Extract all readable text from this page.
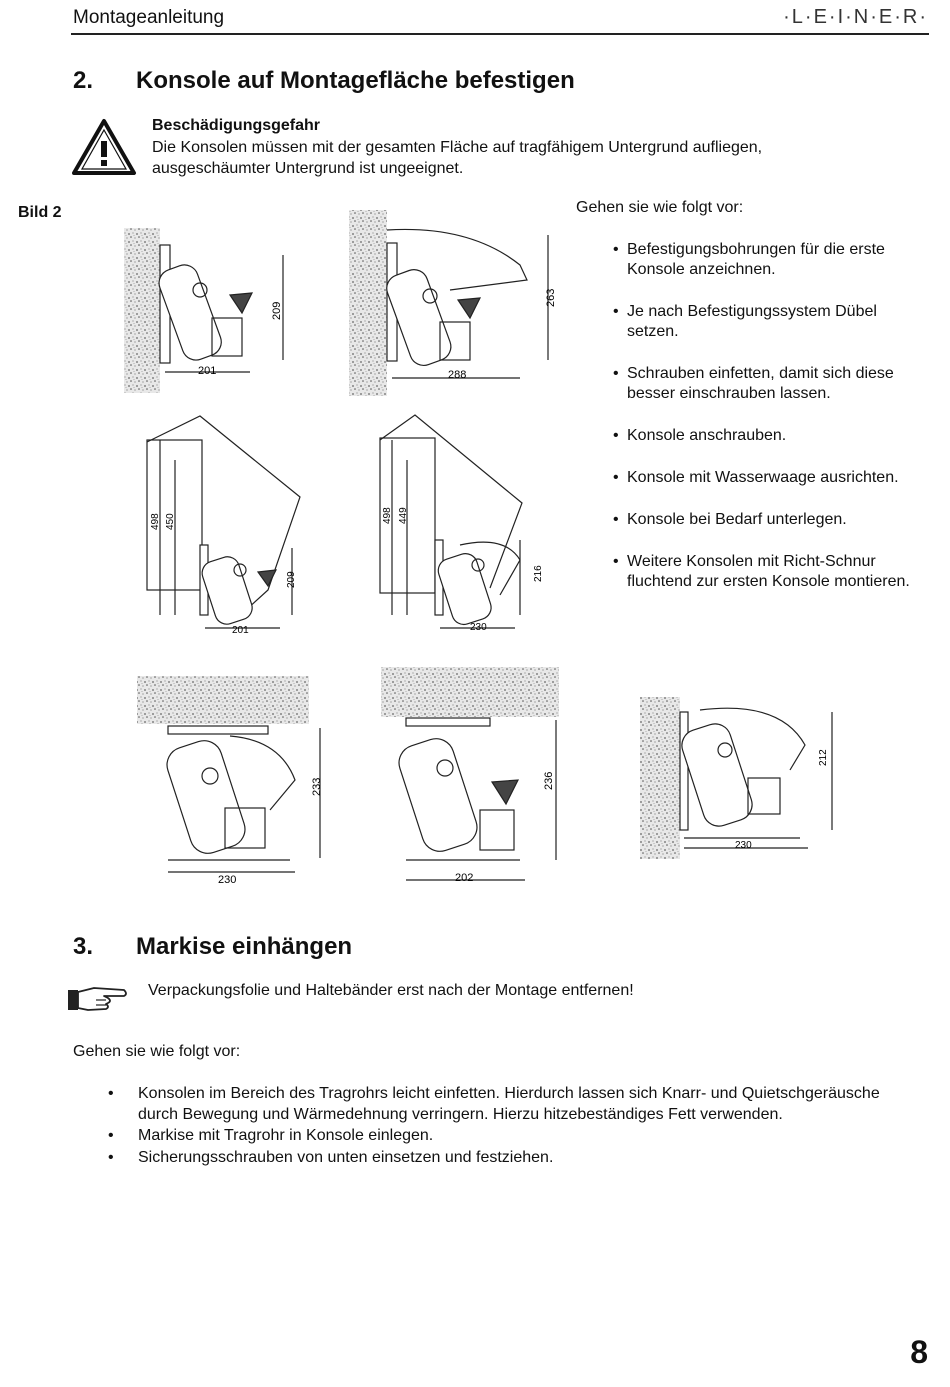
Montageanleitung	·L·E·I·N·E·R·
2. Konsole auf Montagefläche befestigen
Beschädigungsgefahr
Die Konsolen müssen mit der gesamten Fläche auf tragfähigem Untergrund aufliegen, ausgeschäumter Untergrund ist ungeeignet.
Bild 2	Gehen sie wie folgt vor:
• Befestigungsbohrungen für die erste Konsole anzeichnen.
• Je nach Befestigungssystem Dübel setzen.
• Schrauben einfetten, damit sich diese besser einschrauben lassen.
• Konsole anschrauben.
• Konsole mit Wasserwaage ausrichten.
• Konsole bei Bedarf unterlegen.
• Weitere Konsolen mit Richt-Schnur fluchtend zur ersten Konsole montieren.
201
209
288
263
201
498 450
209
230
498 449
216
230
233
202
236
230
212
3. Markise einhängen
Verpackungsfolie und Haltebänder erst nach der Montage entfernen!
Gehen sie wie folgt vor:
• Konsolen im Bereich des Tragrohrs leicht einfetten. Hierdurch lassen sich Knarr- und Quietschgeräusche durch Bewegung und Wärmedehnung verringern. Hierzu hitzebeständiges Fett verwenden.
• Markise mit Tragrohr in Konsole einlegen.
• Sicherungsschrauben von unten einsetzen und festziehen.
8
